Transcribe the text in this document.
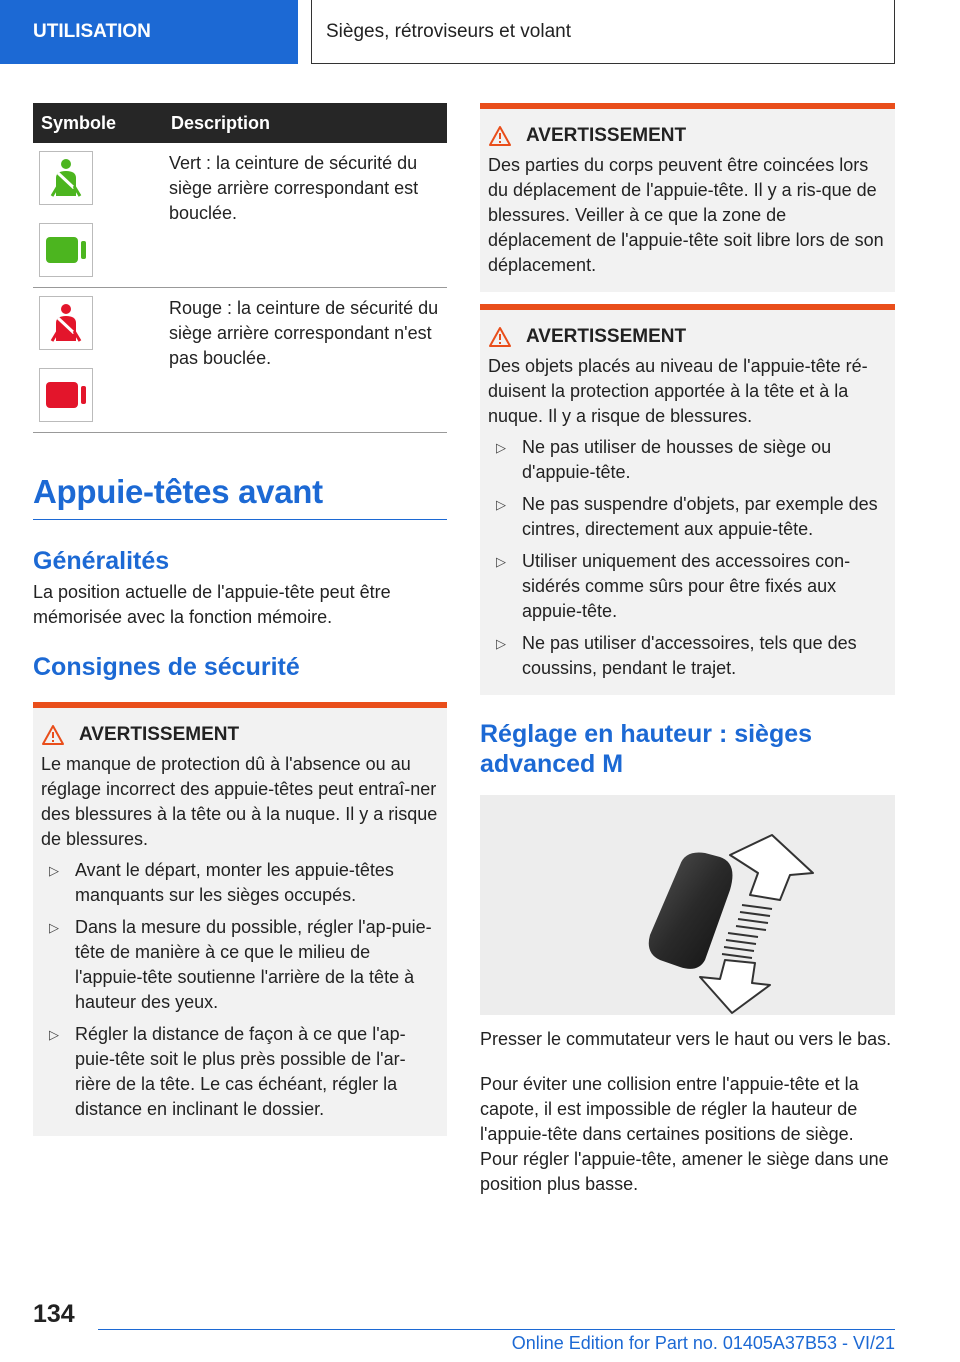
UTILISATION	Sièges, rétroviseurs et volant
Symbole	Description

	Vert : la ceinture de sécurité du siège arrière correspondant est bouclée.

	Rouge : la ceinture de sécurité du siège arrière correspondant n'est pas bouclée.
Appuie-têtes avant
Généralités

La position actuelle de l'appuie-tête peut être mémorisée avec la fonction mémoire.

Consignes de sécurité
AVERTISSEMENT

Le manque de protection dû à l'absence ou au réglage incorrect des appuie-têtes peut entraî-ner des blessures à la tête ou à la nuque. Il y a risque de blessures.

▷ Avant le départ, monter les appuie-têtes manquants sur les sièges occupés.
▷ Dans la mesure du possible, régler l'ap-puie-tête de manière à ce que le milieu de l'appuie-tête soutienne l'arrière de la tête à hauteur des yeux.
▷ Régler la distance de façon à ce que l'ap-puie-tête soit le plus près possible de l'ar-rière de la tête. Le cas échéant, régler la distance en inclinant le dossier.
AVERTISSEMENT

Des parties du corps peuvent être coincées lors du déplacement de l'appuie-tête. Il y a ris-que de blessures. Veiller à ce que la zone de déplacement de l'appuie-tête soit libre lors de son déplacement.

AVERTISSEMENT

Des objets placés au niveau de l'appuie-tête ré-duisent la protection apportée à la tête et à la nuque. Il y a risque de blessures.

▷ Ne pas utiliser de housses de siège ou d'appuie-tête.
▷ Ne pas suspendre d'objets, par exemple des cintres, directement aux appuie-tête.
▷ Utiliser uniquement des accessoires con-sidérés comme sûrs pour être fixés aux appuie-tête.
▷ Ne pas utiliser d'accessoires, tels que des coussins, pendant le trajet.
Réglage en hauteur : sièges advanced M

Presser le commutateur vers le haut ou vers le bas.

Pour éviter une collision entre l'appuie-tête et la capote, il est impossible de régler la hauteur de l'appuie-tête dans certaines positions de siège. Pour régler l'appuie-tête, amener le siège dans une position plus basse.

134
Online Edition for Part no. 01405A37B53 - VI/21
